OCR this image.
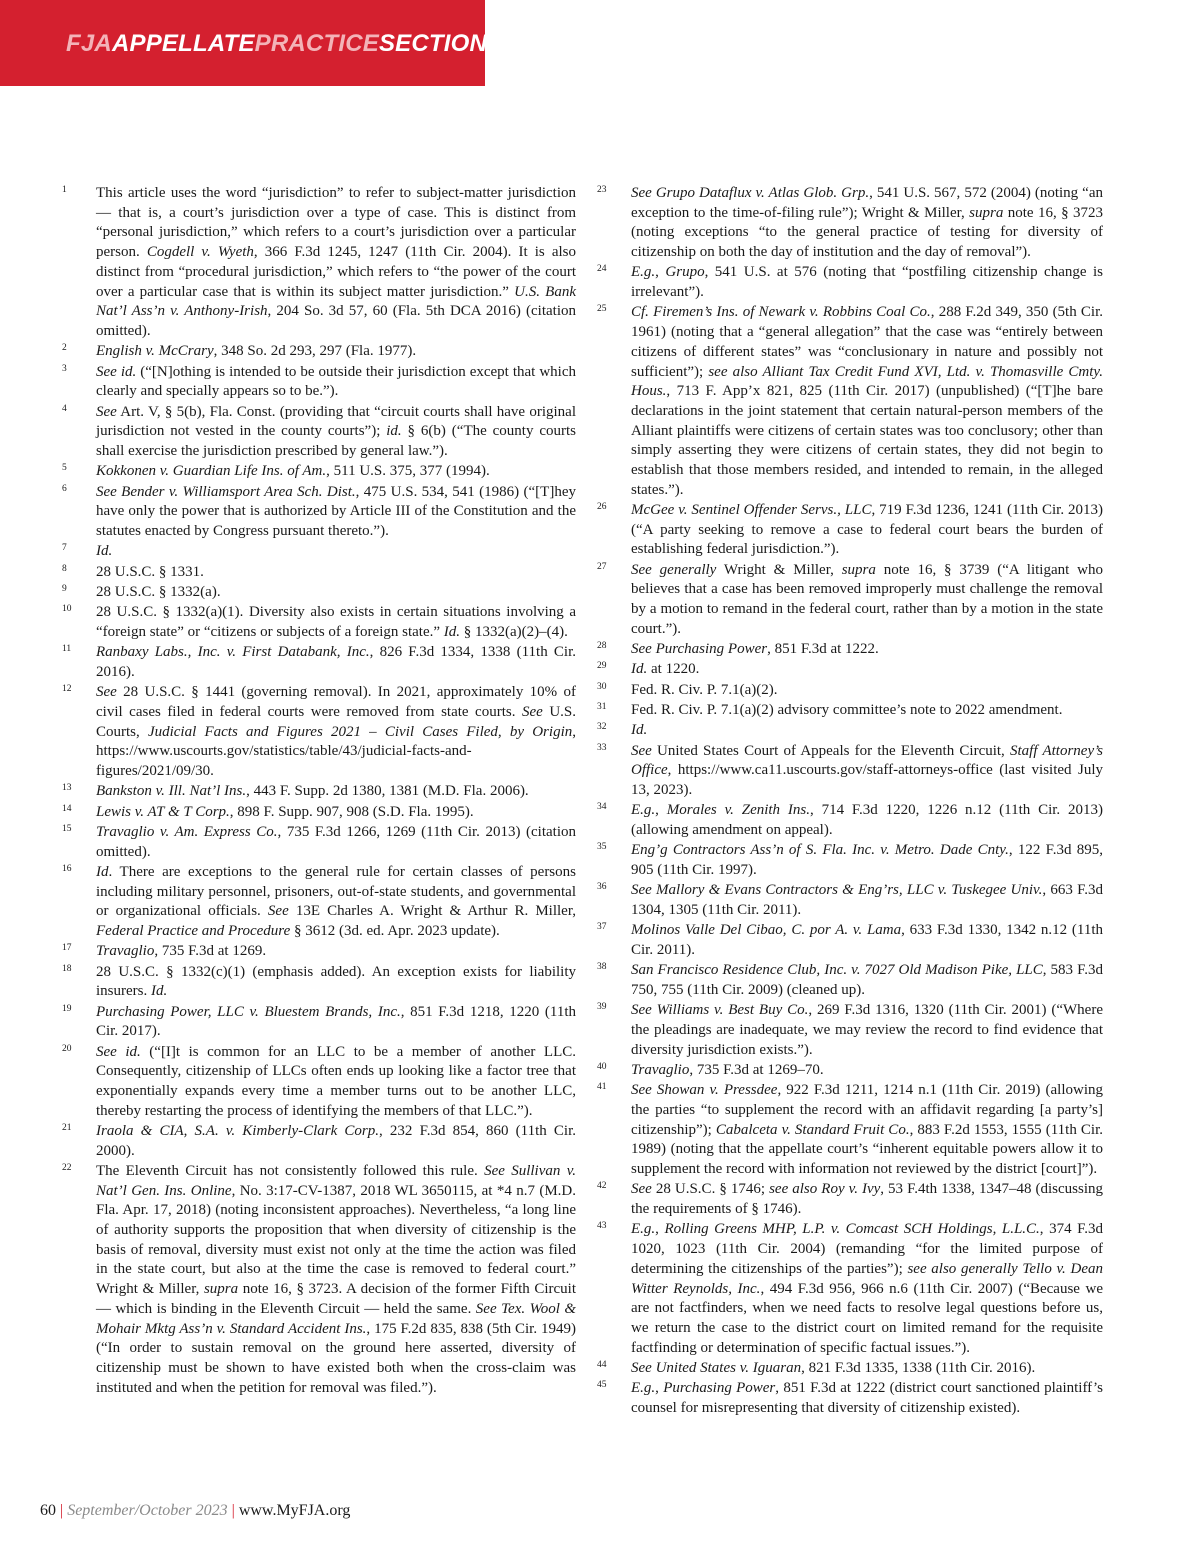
FJAAPPELLATEPRACTICESECTION
1	This article uses the word “jurisdiction” to refer to subject-matter jurisdiction — that is, a court’s jurisdiction over a type of case. This is distinct from “personal jurisdiction,” which refers to a court’s jurisdiction over a particular person. Cogdell v. Wyeth, 366 F.3d 1245, 1247 (11th Cir. 2004). It is also distinct from “procedural jurisdiction,” which refers to “the power of the court over a particular case that is within its subject matter jurisdiction.” U.S. Bank Nat’l Ass’n v. Anthony-Irish, 204 So. 3d 57, 60 (Fla. 5th DCA 2016) (citation omitted).
2	English v. McCrary, 348 So. 2d 293, 297 (Fla. 1977).
3	See id. (“[N]othing is intended to be outside their jurisdiction except that which clearly and specially appears so to be.”).
4	See Art. V, § 5(b), Fla. Const. (providing that “circuit courts shall have original jurisdiction not vested in the county courts”); id. § 6(b) (“The county courts shall exercise the jurisdiction prescribed by general law.”).
5	Kokkonen v. Guardian Life Ins. of Am., 511 U.S. 375, 377 (1994).
6	See Bender v. Williamsport Area Sch. Dist., 475 U.S. 534, 541 (1986) (“[T]hey have only the power that is authorized by Article III of the Constitution and the statutes enacted by Congress pursuant thereto.”).
7	Id.
8	28 U.S.C. § 1331.
9	28 U.S.C. § 1332(a).
10	28 U.S.C. § 1332(a)(1). Diversity also exists in certain situations involving a “foreign state” or “citizens or subjects of a foreign state.” Id. § 1332(a)(2)–(4).
11	Ranbaxy Labs., Inc. v. First Databank, Inc., 826 F.3d 1334, 1338 (11th Cir. 2016).
12	See 28 U.S.C. § 1441 (governing removal). In 2021, approximately 10% of civil cases filed in federal courts were removed from state courts. See U.S. Courts, Judicial Facts and Figures 2021 – Civil Cases Filed, by Origin, https://www.uscourts.gov/statistics/table/43/judicial-facts-and-figures/2021/09/30.
13	Bankston v. Ill. Nat’l Ins., 443 F. Supp. 2d 1380, 1381 (M.D. Fla. 2006).
14	Lewis v. AT & T Corp., 898 F. Supp. 907, 908 (S.D. Fla. 1995).
15	Travaglio v. Am. Express Co., 735 F.3d 1266, 1269 (11th Cir. 2013) (citation omitted).
16	Id. There are exceptions to the general rule for certain classes of persons including military personnel, prisoners, out-of-state students, and governmental or organizational officials. See 13E Charles A. Wright & Arthur R. Miller, Federal Practice and Procedure § 3612 (3d. ed. Apr. 2023 update).
17	Travaglio, 735 F.3d at 1269.
18	28 U.S.C. § 1332(c)(1) (emphasis added). An exception exists for liability insurers. Id.
19	Purchasing Power, LLC v. Bluestem Brands, Inc., 851 F.3d 1218, 1220 (11th Cir. 2017).
20	See id. (“[I]t is common for an LLC to be a member of another LLC. Consequently, citizenship of LLCs often ends up looking like a factor tree that exponentially expands every time a member turns out to be another LLC, thereby restarting the process of identifying the members of that LLC.”).
21	Iraola & CIA, S.A. v. Kimberly-Clark Corp., 232 F.3d 854, 860 (11th Cir. 2000).
22	The Eleventh Circuit has not consistently followed this rule. See Sullivan v. Nat’l Gen. Ins. Online, No. 3:17-CV-1387, 2018 WL 3650115, at *4 n.7 (M.D. Fla. Apr. 17, 2018) (noting inconsistent approaches). Nevertheless, “a long line of authority supports the proposition that when diversity of citizenship is the basis of removal, diversity must exist not only at the time the action was filed in the state court, but also at the time the case is removed to federal court.” Wright & Miller, supra note 16, § 3723. A decision of the former Fifth Circuit — which is binding in the Eleventh Circuit — held the same. See Tex. Wool & Mohair Mktg Ass’n v. Standard Accident Ins., 175 F.2d 835, 838 (5th Cir. 1949) (“In order to sustain removal on the ground here asserted, diversity of citizenship must be shown to have existed both when the cross-claim was instituted and when the petition for removal was filed.”).
23	See Grupo Dataflux v. Atlas Glob. Grp., 541 U.S. 567, 572 (2004) (noting “an exception to the time-of-filing rule”); Wright & Miller, supra note 16, § 3723 (noting exceptions “to the general practice of testing for diversity of citizenship on both the day of institution and the day of removal”).
24	E.g., Grupo, 541 U.S. at 576 (noting that “postfiling citizenship change is irrelevant”).
25	Cf. Firemen’s Ins. of Newark v. Robbins Coal Co., 288 F.2d 349, 350 (5th Cir. 1961) (noting that a “general allegation” that the case was “entirely between citizens of different states” was “conclusionary in nature and possibly not sufficient”); see also Alliant Tax Credit Fund XVI, Ltd. v. Thomasville Cmty. Hous., 713 F. App’x 821, 825 (11th Cir. 2017) (unpublished) (“[T]he bare declarations in the joint statement that certain natural-person members of the Alliant plaintiffs were citizens of certain states was too conclusory; other than simply asserting they were citizens of certain states, they did not begin to establish that those members resided, and intended to remain, in the alleged states.”).
26	McGee v. Sentinel Offender Servs., LLC, 719 F.3d 1236, 1241 (11th Cir. 2013) (“A party seeking to remove a case to federal court bears the burden of establishing federal jurisdiction.”).
27	See generally Wright & Miller, supra note 16, § 3739 (“A litigant who believes that a case has been removed improperly must challenge the removal by a motion to remand in the federal court, rather than by a motion in the state court.”).
28	See Purchasing Power, 851 F.3d at 1222.
29	Id. at 1220.
30	Fed. R. Civ. P. 7.1(a)(2).
31	Fed. R. Civ. P. 7.1(a)(2) advisory committee’s note to 2022 amendment.
32	Id.
33	See United States Court of Appeals for the Eleventh Circuit, Staff Attorney’s Office, https://www.ca11.uscourts.gov/staff-attorneys-office (last visited July 13, 2023).
34	E.g., Morales v. Zenith Ins., 714 F.3d 1220, 1226 n.12 (11th Cir. 2013) (allowing amendment on appeal).
35	Eng’g Contractors Ass’n of S. Fla. Inc. v. Metro. Dade Cnty., 122 F.3d 895, 905 (11th Cir. 1997).
36	See Mallory & Evans Contractors & Eng’rs, LLC v. Tuskegee Univ., 663 F.3d 1304, 1305 (11th Cir. 2011).
37	Molinos Valle Del Cibao, C. por A. v. Lama, 633 F.3d 1330, 1342 n.12 (11th Cir. 2011).
38	San Francisco Residence Club, Inc. v. 7027 Old Madison Pike, LLC, 583 F.3d 750, 755 (11th Cir. 2009) (cleaned up).
39	See Williams v. Best Buy Co., 269 F.3d 1316, 1320 (11th Cir. 2001) (“Where the pleadings are inadequate, we may review the record to find evidence that diversity jurisdiction exists.”).
40	Travaglio, 735 F.3d at 1269–70.
41	See Showan v. Pressdee, 922 F.3d 1211, 1214 n.1 (11th Cir. 2019) (allowing the parties “to supplement the record with an affidavit regarding [a party’s] citizenship”); Cabalceta v. Standard Fruit Co., 883 F.2d 1553, 1555 (11th Cir. 1989) (noting that the appellate court’s “inherent equitable powers allow it to supplement the record with information not reviewed by the district [court]”).
42	See 28 U.S.C. § 1746; see also Roy v. Ivy, 53 F.4th 1338, 1347–48 (discussing the requirements of § 1746).
43	E.g., Rolling Greens MHP, L.P. v. Comcast SCH Holdings, L.L.C., 374 F.3d 1020, 1023 (11th Cir. 2004) (remanding “for the limited purpose of determining the citizenships of the parties”); see also generally Tello v. Dean Witter Reynolds, Inc., 494 F.3d 956, 966 n.6 (11th Cir. 2007) (“Because we are not factfinders, when we need facts to resolve legal questions before us, we return the case to the district court on limited remand for the requisite factfinding or determination of specific factual issues.”).
44	See United States v. Iguaran, 821 F.3d 1335, 1338 (11th Cir. 2016).
45	E.g., Purchasing Power, 851 F.3d at 1222 (district court sanctioned plaintiff’s counsel for misrepresenting that diversity of citizenship existed).
60 | September/October 2023 | www.MyFJA.org
